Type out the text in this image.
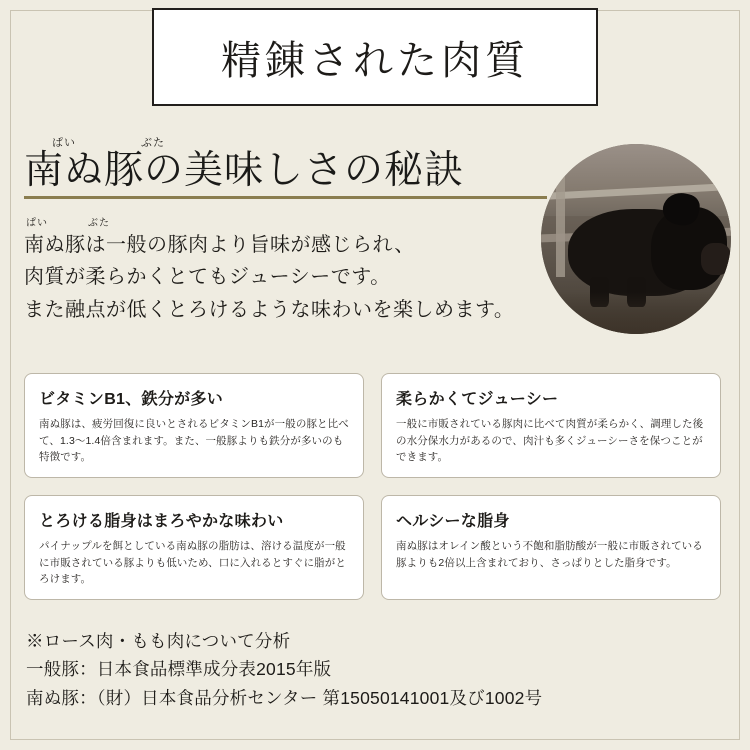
精錬された肉質
ぱい	ぶた
南ぬ豚の美味しさの秘訣
ぱい	ぶた
南ぬ豚は一般の豚肉より旨味が感じられ、
肉質が柔らかくとてもジューシーです。
また融点が低くとろけるような味わいを楽しめます。
ビタミンB1、鉄分が多い
南ぬ豚は、疲労回復に良いとされるビタミンB1が一般の豚と比べて、1.3～1.4倍含まれます。また、一般豚よりも鉄分が多いのも特徴です。
柔らかくてジューシー
一般に市販されている豚肉に比べて肉質が柔らかく、調理した後の水分保水力があるので、肉汁も多くジューシーさを保つことができます。
とろける脂身はまろやかな味わい
パイナップルを餌としている南ぬ豚の脂肪は、溶ける温度が一般に市販されている豚よりも低いため、口に入れるとすぐに脂がとろけます。
ヘルシーな脂身
南ぬ豚はオレイン酸という不飽和脂肪酸が一般に市販されている豚よりも2倍以上含まれており、さっぱりとした脂身です。
※ロース肉・もも肉について分析
一般豚：日本食品標準成分表2015年版
南ぬ豚：（財）日本食品分析センター 第15050141001及び1002号
